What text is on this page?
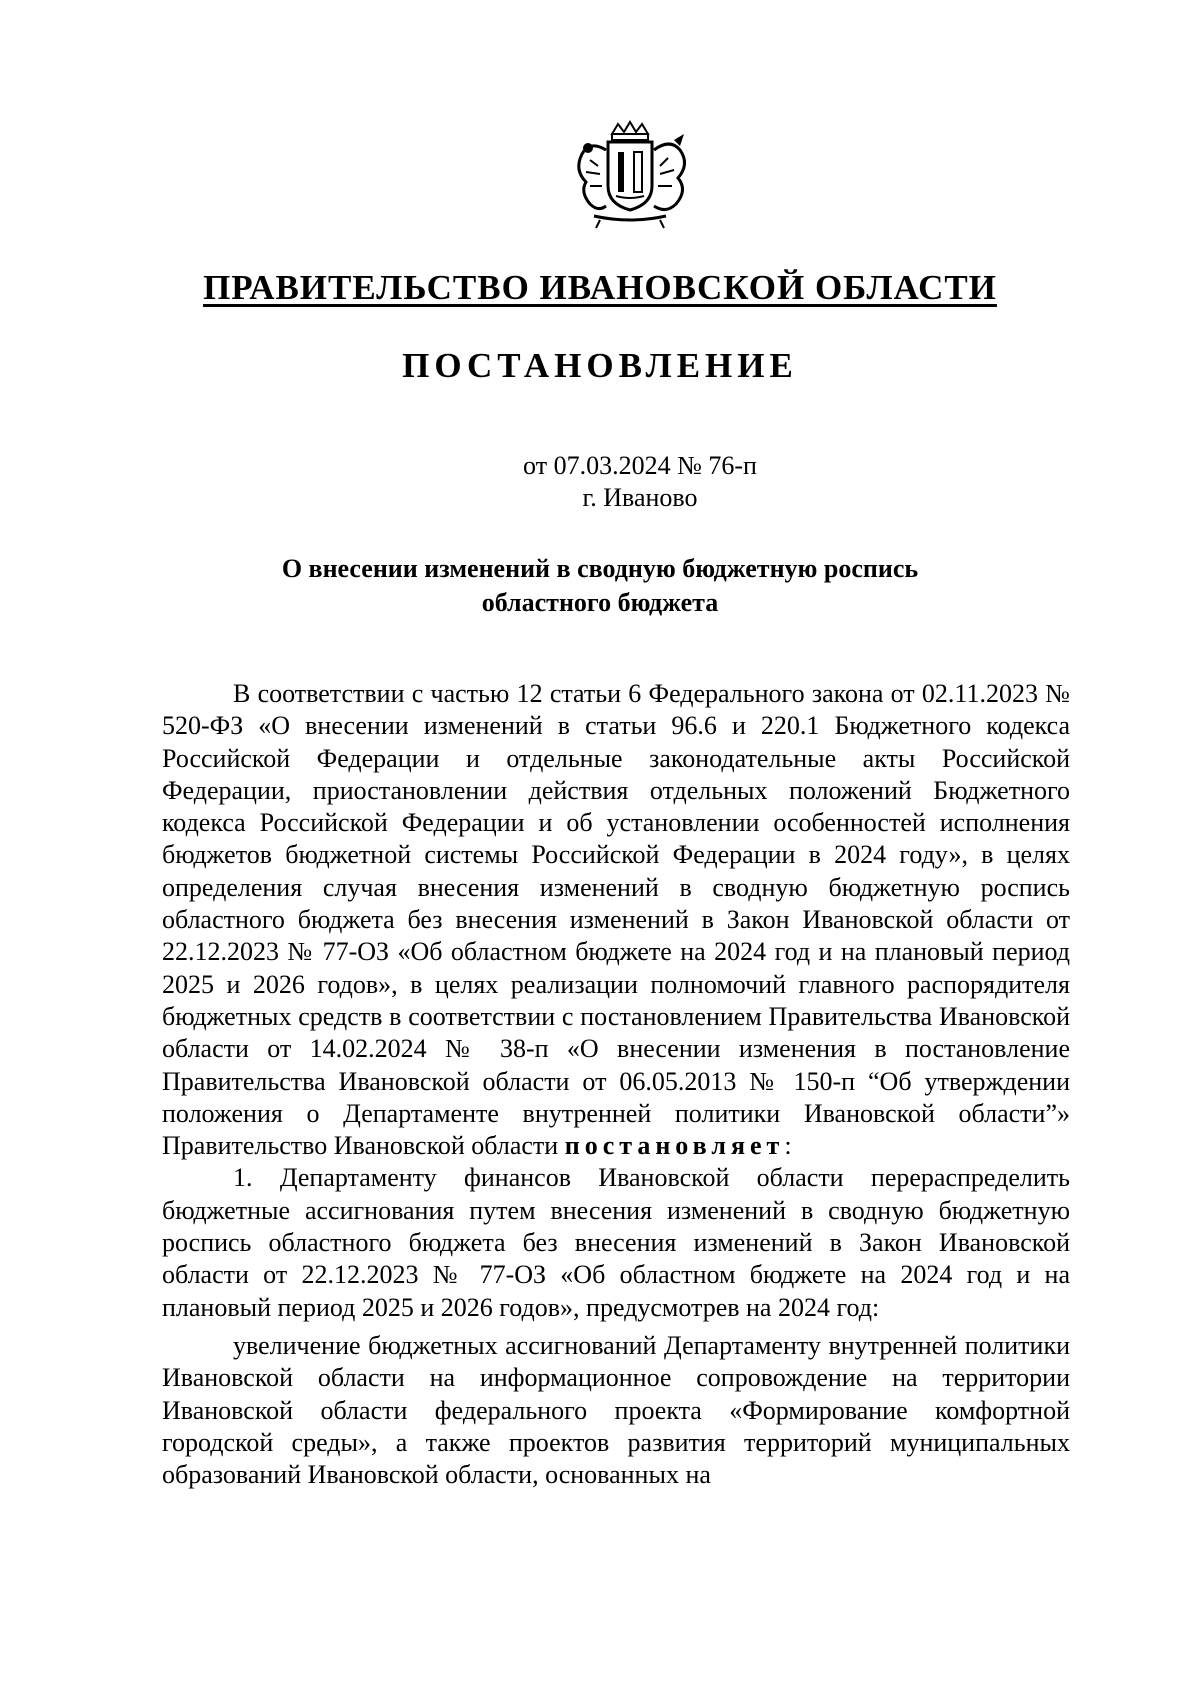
ПРАВИТЕЛЬСТВО ИВАНОВСКОЙ ОБЛАСТИ
ПОСТАНОВЛЕНИЕ
от 07.03.2024 № 76-п
г. Иваново
О внесении изменений в сводную бюджетную роспись
областного бюджета

В соответствии с частью 12 статьи 6 Федерального закона от 02.11.2023 № 520-ФЗ «О внесении изменений в статьи 96.6 и 220.1 Бюджетного кодекса Российской Федерации и отдельные законодательные акты Российской Федерации, приостановлении действия отдельных положений Бюджетного кодекса Российской Федерации и об установлении особенностей исполнения бюджетов бюджетной системы Российской Федерации в 2024 году», в целях определения случая внесения изменений в сводную бюджетную роспись областного бюджета без внесения изменений в Закон Ивановской области от 22.12.2023 № 77-ОЗ «Об областном бюджете на 2024 год и на плановый период 2025 и 2026 годов», в целях реализации полномочий главного распорядителя бюджетных средств в соответствии с постановлением Правительства Ивановской области от 14.02.2024 № 38-п «О внесении изменения в постановление Правительства Ивановской области от 06.05.2013 № 150-п “Об утверждении положения о Департаменте внутренней политики Ивановской области”» Правительство Ивановской области постановляет:

1. Департаменту финансов Ивановской области перераспределить бюджетные ассигнования путем внесения изменений в сводную бюджетную роспись областного бюджета без внесения изменений в Закон Ивановской области от 22.12.2023 № 77-ОЗ «Об областном бюджете на 2024 год и на плановый период 2025 и 2026 годов», предусмотрев на 2024 год:

увеличение бюджетных ассигнований Департаменту внутренней политики Ивановской области на информационное сопровождение на территории Ивановской области федерального проекта «Формирование комфортной городской среды», а также проектов развития территорий муниципальных образований Ивановской области, основанных на
